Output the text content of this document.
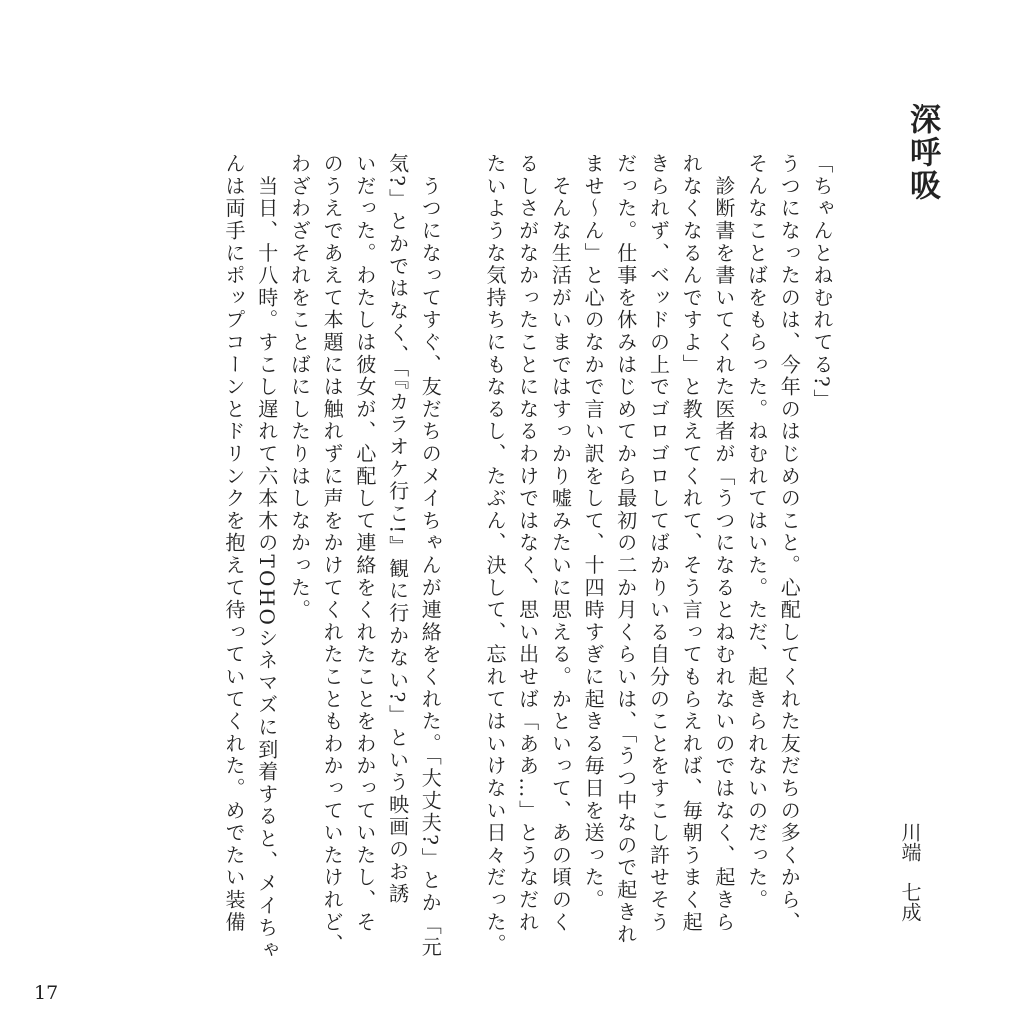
深呼吸
川端　七成
「ちゃんとねむれてる?」
うつになったのは、今年のはじめのこと。心配してくれた友だちの多くから、
そんなことばをもらった。ねむれてはいた。ただ、起きられないのだった。
　診断書を書いてくれた医者が「うつになるとねむれないのではなく、起きら
れなくなるんですよ」と教えてくれて、そう言ってもらえれば、毎朝うまく起
きられず、ベッドの上でゴロゴロしてばかりいる自分のことをすこし許せそう
だった。仕事を休みはじめてから最初の二か月くらいは、「うつ中なので起きれ
ませ～ん」と心のなかで言い訳をして、十四時すぎに起きる毎日を送った。
　そんな生活がいまではすっかり嘘みたいに思える。かといって、あの頃のく
るしさがなかったことになるわけではなく、思い出せば「ああ…」とうなだれ
たいような気持ちにもなるし、たぶん、決して、忘れてはいけない日々だった。
　うつになってすぐ、友だちのメイちゃんが連絡をくれた。「大丈夫?」とか「元
気?」とかではなく、「『カラオケ行こ!』観に行かない?」という映画のお誘
いだった。わたしは彼女が、心配して連絡をくれたことをわかっていたし、そ
のうえであえて本題には触れずに声をかけてくれたこともわかっていたけれど、
わざわざそれをことばにしたりはしなかった。
　当日、十八時。すこし遅れて六本木のTOHOシネマズに到着すると、メイちゃ
んは両手にポップコーンとドリンクを抱えて待っていてくれた。めでたい装備
17
